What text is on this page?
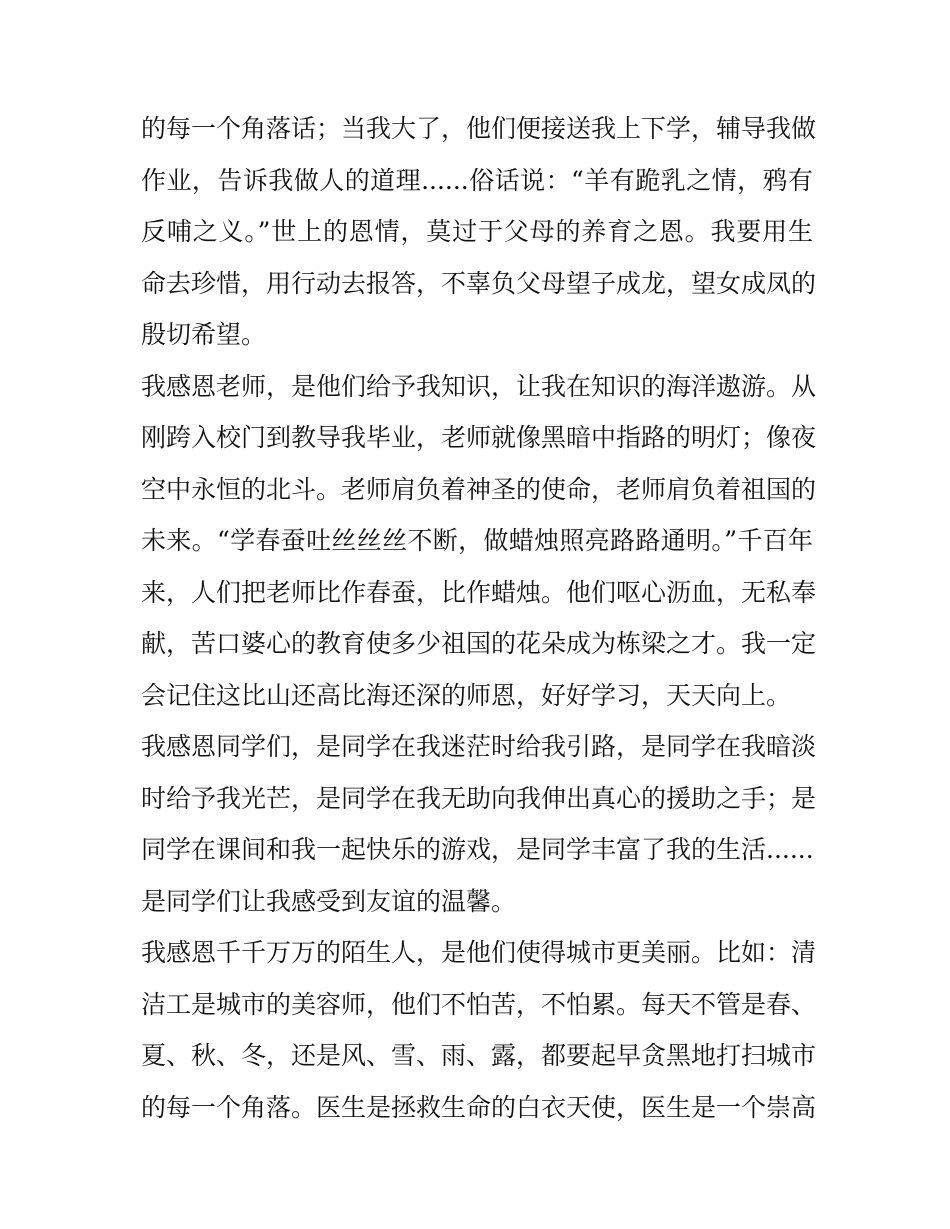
的每一个角落话；当我大了，他们便接送我上下学，辅导我做
作业，告诉我做人的道理......俗话说：“羊有跪乳之情，鸦有
反哺之义。”世上的恩情，莫过于父母的养育之恩。我要用生
命去珍惜，用行动去报答，不辜负父母望子成龙，望女成凤的
殷切希望。
我感恩老师，是他们给予我知识，让我在知识的海洋遨游。从
刚跨入校门到教导我毕业，老师就像黑暗中指路的明灯；像夜
空中永恒的北斗。老师肩负着神圣的使命，老师肩负着祖国的
未来。“学春蚕吐丝丝丝不断，做蜡烛照亮路路通明。”千百年
来，人们把老师比作春蚕，比作蜡烛。他们呕心沥血，无私奉
献，苦口婆心的教育使多少祖国的花朵成为栋梁之才。我一定
会记住这比山还高比海还深的师恩，好好学习，天天向上。
我感恩同学们，是同学在我迷茫时给我引路，是同学在我暗淡
时给予我光芒，是同学在我无助向我伸出真心的援助之手；是
同学在课间和我一起快乐的游戏，是同学丰富了我的生活......
是同学们让我感受到友谊的温馨。
我感恩千千万万的陌生人，是他们使得城市更美丽。比如：清
洁工是城市的美容师，他们不怕苦，不怕累。每天不管是春、
夏、秋、冬，还是风、雪、雨、露，都要起早贪黑地打扫城市
的每一个角落。医生是拯救生命的白衣天使，医生是一个崇高
